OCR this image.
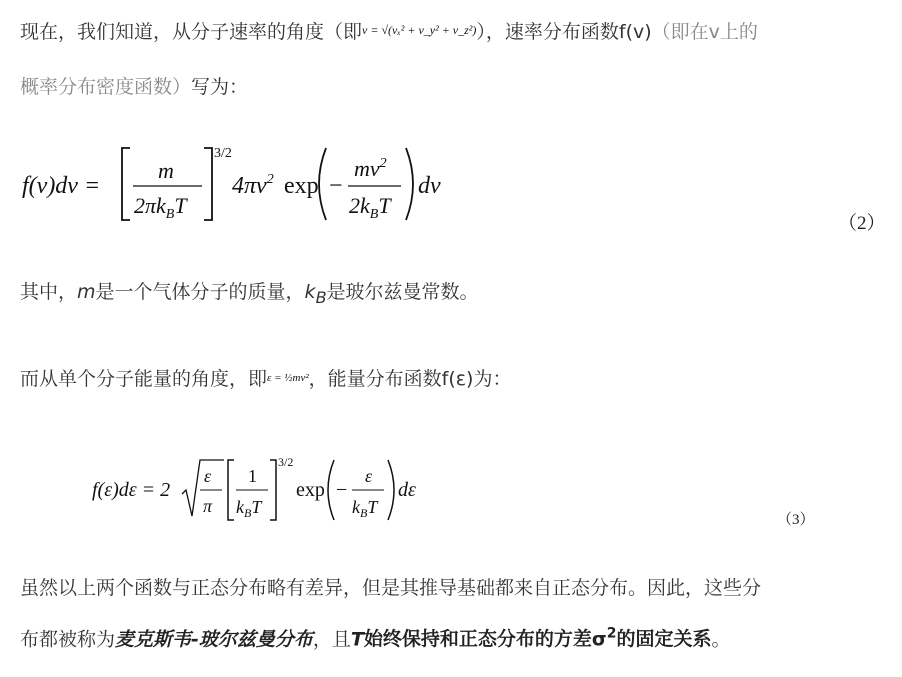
现在，我们知道，从分子速率的角度（即$^{v = √(v_x^2 + v\_y^2 + v\_z^2)}$），速率分布函数f(v)（即在v上的
概率分布密度函数）写为：
f(v)dv =
m
$2\pi k_BT$
3/2
$4\pi v^2$ exp −
$mv^2$
$2k_BT$
dv
（2）
其中，m是一个气体分子的质量，$k_B$是玻尔兹曼常数。
而从单个分子能量的角度，即$^{\varepsilon = \frac{1}{2}mv^2}$，能量分布函数f(ε)为：
f(ε)dε = 2
ε
π
1
$k_BT$
3/2
exp −
ε
$k_BT$
dε
（3）
虽然以上两个函数与正态分布略有差异，但是其推导基础都来自正态分布。因此，这些分
布都被称为麦克斯韦-玻尔兹曼分布，且T始终保持和正态分布的方差$\sigma^2$的固定关系。
